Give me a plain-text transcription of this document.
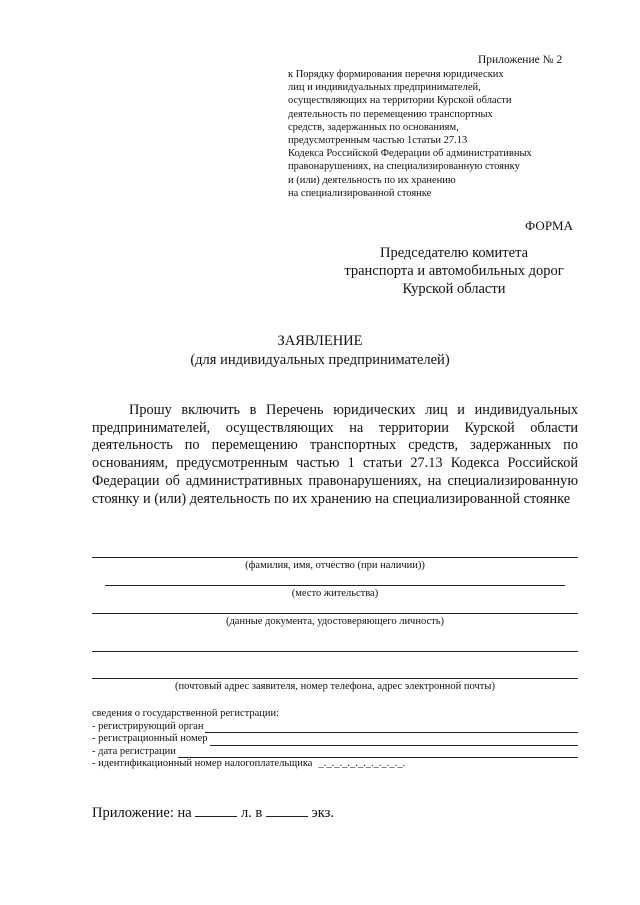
Приложение № 2
к Порядку формирования перечня юридических
лиц и индивидуальных предпринимателей,
осуществляющих на территории Курской области
деятельность по перемещению транспортных
средств, задержанных по основаниям,
предусмотренным частью 1статьи 27.13
Кодекса Российской Федерации об административных
правонарушениях, на специализированную стоянку
и (или) деятельность по их хранению
на специализированной стоянке
ФОРМА
Председателю комитета
транспорта и автомобильных дорог
Курской области
ЗАЯВЛЕНИЕ
(для индивидуальных предпринимателей)

Прошу включить в Перечень юридических лиц и индивидуальных предпринимателей, осуществляющих на территории Курской области деятельность по перемещению транспортных средств, задержанных по основаниям, предусмотренным частью 1 статьи 27.13 Кодекса Российской Федерации об административных правонарушениях, на специализированную стоянку и (или) деятельность по их хранению на специализированной стоянке

(фамилия, имя, отчество (при наличии))
(место жительства)
(данные документа, удостоверяющего личность)
(почтовый адрес заявителя, номер телефона, адрес электронной почты)
сведения о государственной регистрации:
- регистрирующий орган
- регистрационный номер
- дата регистрации
- идентификационный номер налогоплательщика _._._._._._._._._._._.
Приложение: на	л. в	экз.
